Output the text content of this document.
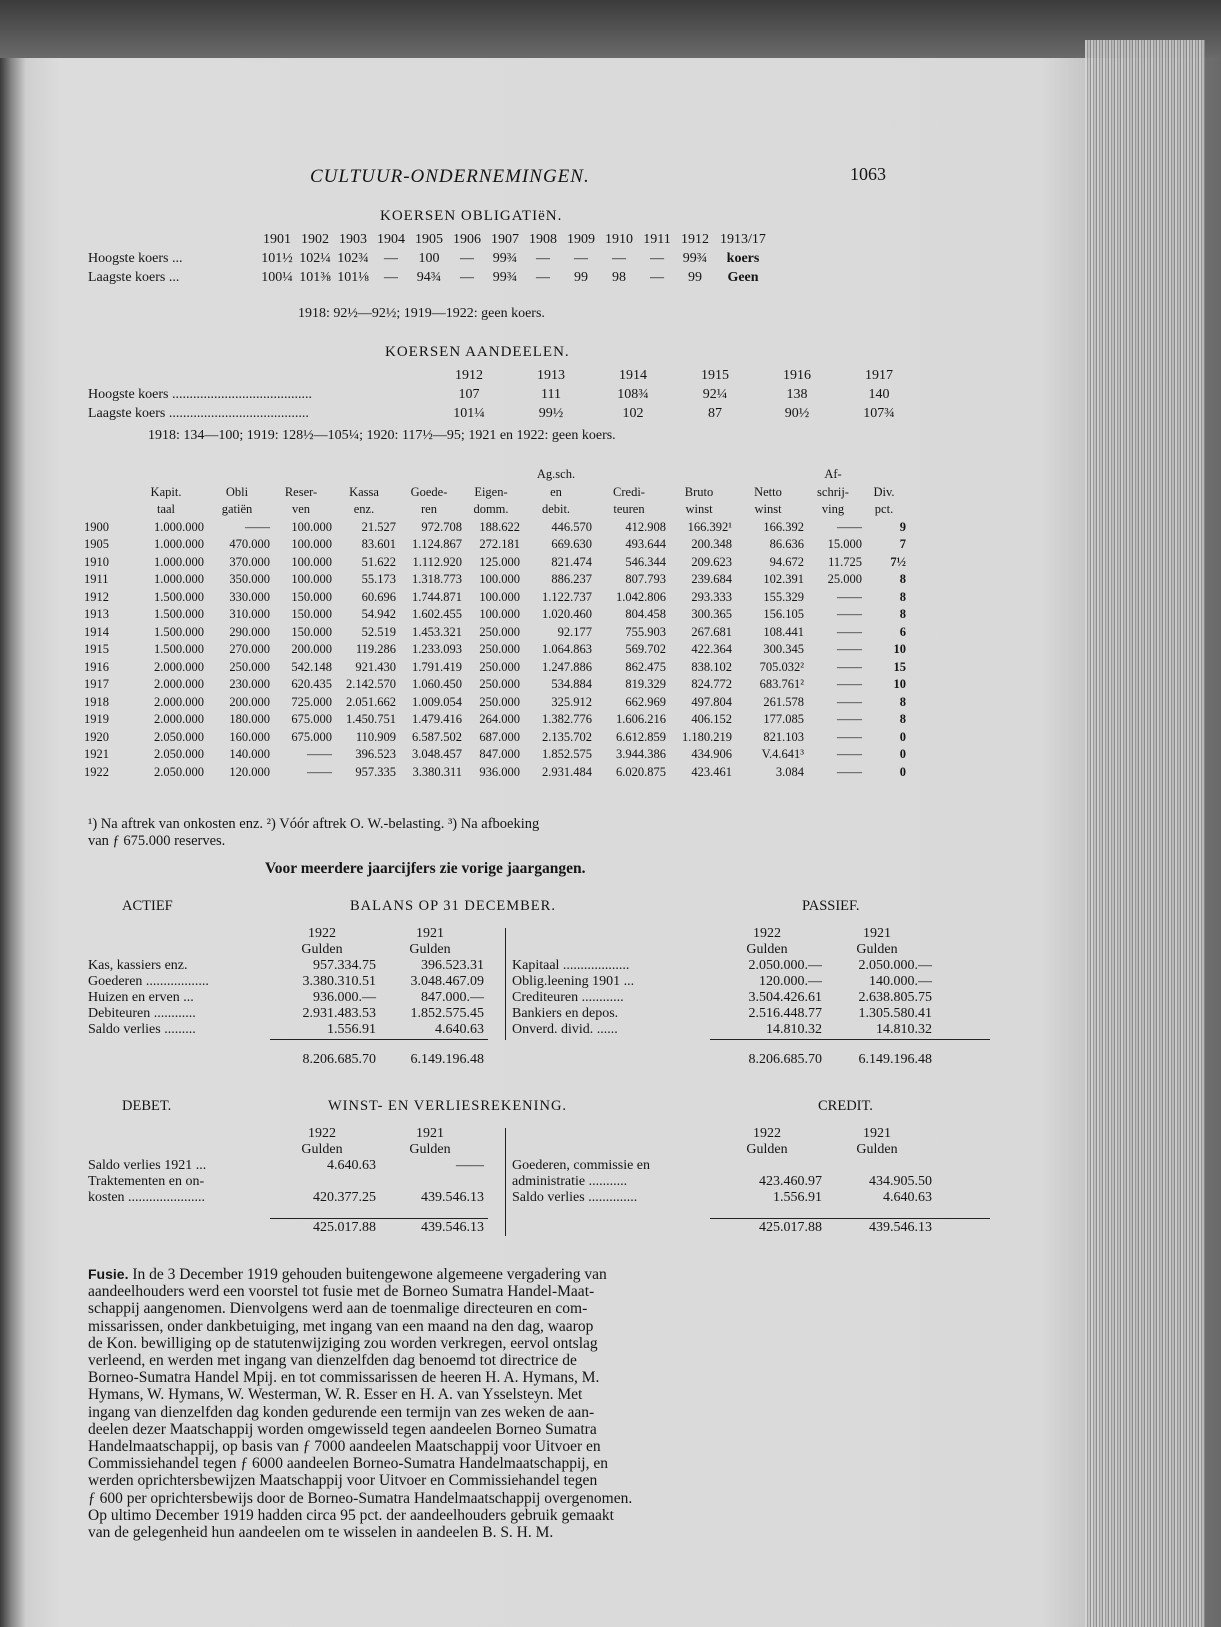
CULTUUR-ONDERNEMINGEN.	1063
KOERSEN OBLIGATIëN.
	1901	1902	1903	1904	1905	1906	1907	1908	1909	1910	1911	1912	1913/17
Hoogste koers ...	101½	102¼	102¾	—	100	—	99¾	—	—	—	—	99¾	koers
Laagste koers ...	100¼	101⅜	101⅛	—	94¾	—	99¾	—	99	98	—	99	Geen
1918: 92½—92½; 1919—1922: geen koers.
KOERSEN AANDEELEN.
	1912	1913	1914	1915	1916	1917
Hoogste koers ........................................	107	111	108¾	92¼	138	140
Laagste koers ........................................	101¼	99½	102	87	90½	107¾
1918: 134—100; 1919: 128½—105¼; 1920: 117½—95; 1921 en 1922: geen koers.
							Ag.sch.				Af-	
	Kapit.	Obli	Reser-	Kassa	Goede-	Eigen-	en	Credi-	Bruto	Netto	schrij-	Div.
	taal	gatiën	ven	enz.	ren	domm.	debit.	teuren	winst	winst	ving	pct.
1900	1.000.000	——	100.000	21.527	972.708	188.622	446.570	412.908	166.392¹	166.392	——	9
1905	1.000.000	470.000	100.000	83.601	1.124.867	272.181	669.630	493.644	200.348	86.636	15.000	7
1910	1.000.000	370.000	100.000	51.622	1.112.920	125.000	821.474	546.344	209.623	94.672	11.725	7½
1911	1.000.000	350.000	100.000	55.173	1.318.773	100.000	886.237	807.793	239.684	102.391	25.000	8
1912	1.500.000	330.000	150.000	60.696	1.744.871	100.000	1.122.737	1.042.806	293.333	155.329	——	8
1913	1.500.000	310.000	150.000	54.942	1.602.455	100.000	1.020.460	804.458	300.365	156.105	——	8
1914	1.500.000	290.000	150.000	52.519	1.453.321	250.000	92.177	755.903	267.681	108.441	——	6
1915	1.500.000	270.000	200.000	119.286	1.233.093	250.000	1.064.863	569.702	422.364	300.345	——	10
1916	2.000.000	250.000	542.148	921.430	1.791.419	250.000	1.247.886	862.475	838.102	705.032²	——	15
1917	2.000.000	230.000	620.435	2.142.570	1.060.450	250.000	534.884	819.329	824.772	683.761²	——	10
1918	2.000.000	200.000	725.000	2.051.662	1.009.054	250.000	325.912	662.969	497.804	261.578	——	8
1919	2.000.000	180.000	675.000	1.450.751	1.479.416	264.000	1.382.776	1.606.216	406.152	177.085	——	8
1920	2.050.000	160.000	675.000	110.909	6.587.502	687.000	2.135.702	6.612.859	1.180.219	821.103	——	0
1921	2.050.000	140.000	——	396.523	3.048.457	847.000	1.852.575	3.944.386	434.906	V.4.641³	——	0
1922	2.050.000	120.000	——	957.335	3.380.311	936.000	2.931.484	6.020.875	423.461	3.084	——	0
¹) Na aftrek van onkosten enz. ²) Vóór aftrek O. W.-belasting. ³) Na afboeking
van ƒ 675.000 reserves.
Voor meerdere jaarcijfers zie vorige jaargangen.
ACTIEF	BALANS OP 31 DECEMBER.	PASSIEF.
	1922	1921
	Gulden	Gulden
Kas, kassiers enz.	957.334.75	396.523.31
Goederen ..................	3.380.310.51	3.048.467.09
Huizen en erven ...	936.000.—	847.000.—
Debiteuren ............	2.931.483.53	1.852.575.45
Saldo verlies .........	1.556.91	4.640.63

	8.206.685.70	6.149.196.48
	1922	1921
	Gulden	Gulden
Kapitaal ...................	2.050.000.—	2.050.000.—
Oblig.leening 1901 ...	120.000.—	140.000.—
Crediteuren ............	3.504.426.61	2.638.805.75
Bankiers en depos.	2.516.448.77	1.305.580.41
Onverd. divid. ......	14.810.32	14.810.32

	8.206.685.70	6.149.196.48
DEBET.	WINST- EN VERLIESREKENING.	CREDIT.
	1922	1921
	Gulden	Gulden
Saldo verlies 1921 ...	4.640.63	——
Traktementen en on-		
kosten ......................	420.377.25	439.546.13

	425.017.88	439.546.13
	1922	1921
	Gulden	Gulden
Goederen, commissie en		
administratie ...........	423.460.97	434.905.50
Saldo verlies ..............	1.556.91	4.640.63

	425.017.88	439.546.13
Fusie. In de 3 December 1919 gehouden buitengewone algemeene vergadering van
aandeelhouders werd een voorstel tot fusie met de Borneo Sumatra Handel-Maat-
schappij aangenomen. Dienvolgens werd aan de toenmalige directeuren en com-
missarissen, onder dankbetuiging, met ingang van een maand na den dag, waarop
de Kon. bewilliging op de statutenwijziging zou worden verkregen, eervol ontslag
verleend, en werden met ingang van dienzelfden dag benoemd tot directrice de
Borneo-Sumatra Handel Mpij. en tot commissarissen de heeren H. A. Hymans, M.
Hymans, W. Hymans, W. Westerman, W. R. Esser en H. A. van Ysselsteyn. Met
ingang van dienzelfden dag konden gedurende een termijn van zes weken de aan-
deelen dezer Maatschappij worden omgewisseld tegen aandeelen Borneo Sumatra
Handelmaatschappij, op basis van ƒ 7000 aandeelen Maatschappij voor Uitvoer en
Commissiehandel tegen ƒ 6000 aandeelen Borneo-Sumatra Handelmaatschappij, en
werden oprichtersbewijzen Maatschappij voor Uitvoer en Commissiehandel tegen
ƒ 600 per oprichtersbewijs door de Borneo-Sumatra Handelmaatschappij overgenomen.
Op ultimo December 1919 hadden circa 95 pct. der aandeelhouders gebruik gemaakt
van de gelegenheid hun aandeelen om te wisselen in aandeelen B. S. H. M.
